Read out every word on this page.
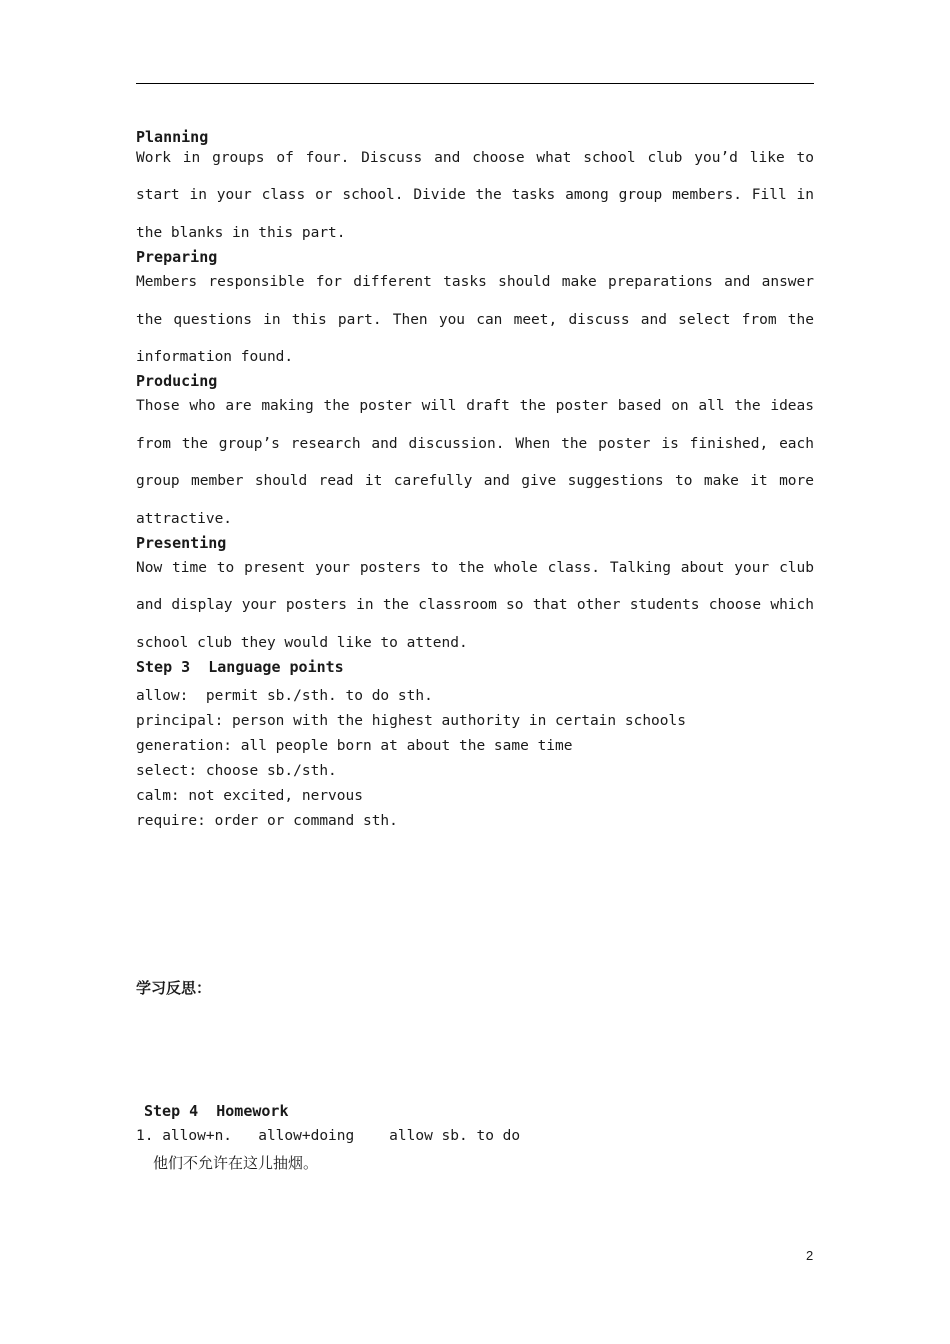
Planning

Work in groups of four. Discuss and choose what school club you’d like to start in your class or school. Divide the tasks among group members. Fill in the blanks in this part.

Preparing

Members responsible for different tasks should make preparations and answer the questions in this part. Then you can meet, discuss and select from the information found.

Producing

Those who are making the poster will draft the poster based on all the ideas from the group’s research and discussion. When the poster is finished, each group member should read it carefully and give suggestions to make it more attractive.

Presenting

Now time to present your posters to the whole class. Talking about your club and display your posters in the classroom so that other students choose which school club they would like to attend.

Step 3  Language points

allow:  permit sb./sth. to do sth.
principal: person with the highest authority in certain schools
generation: all people born at about the same time
select: choose sb./sth.
calm: not excited, nervous
require: order or command sth.
学习反思：
Step 4  Homework
1. allow+n.   allow+doing    allow sb. to do
他们不允许在这儿抽烟。
2
